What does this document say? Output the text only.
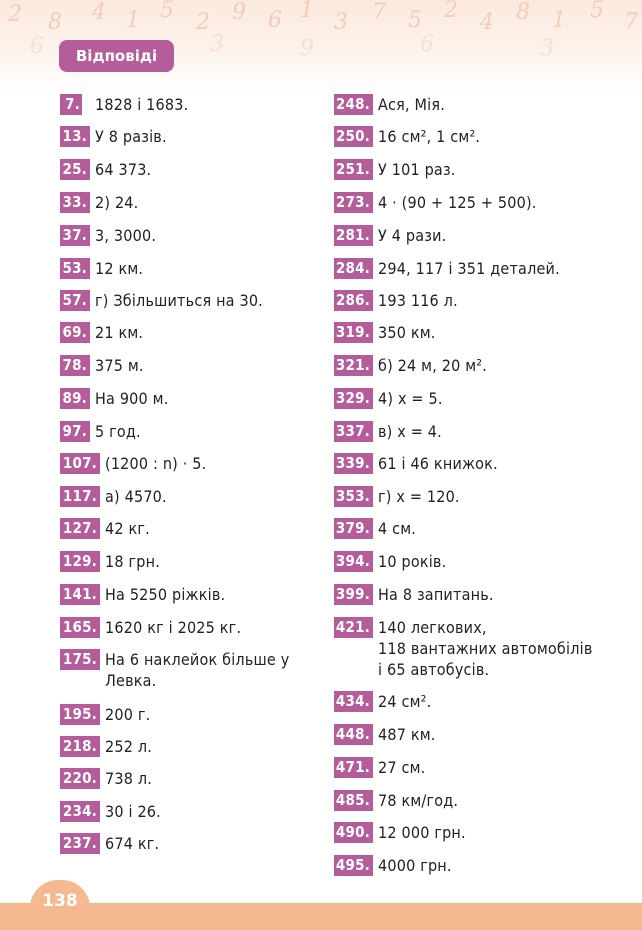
2 8 4 1 5 2 9 6 1 3 7 5 2 4 8 1 5 7
6	3	9	6	3
Відповіді
7. 1828 і 1683.
13. У 8 разів.
25. 64 373.
33. 2) 24.
37. 3, 3000.
53. 12 км.
57. г) Збільшиться на 30.
69. 21 км.
78. 375 м.
89. На 900 м.
97. 5 год.
107. (1200 : n) · 5.
117. а) 4570.
127. 42 кг.
129. 18 грн.
141. На 5250 ріжків.
165. 1620 кг і 2025 кг.
175. На 6 наклейок більше у
Левка.
195. 200 г.
218. 252 л.
220. 738 л.
234. 30 і 26.
237. 674 кг.
248. Ася, Мія.
250. 16 см², 1 см².
251. У 101 раз.
273. 4 · (90 + 125 + 500).
281. У 4 рази.
284. 294, 117 і 351 деталей.
286. 193 116 л.
319. 350 км.
321. б) 24 м, 20 м².
329. 4) x = 5.
337. в) x = 4.
339. 61 і 46 книжок.
353. г) x = 120.
379. 4 см.
394. 10 років.
399. На 8 запитань.
421. 140 легкових,
118 вантажних автомобілів
і 65 автобусів.
434. 24 см².
448. 487 км.
471. 27 см.
485. 78 км/год.
490. 12 000 грн.
495. 4000 грн.
138
